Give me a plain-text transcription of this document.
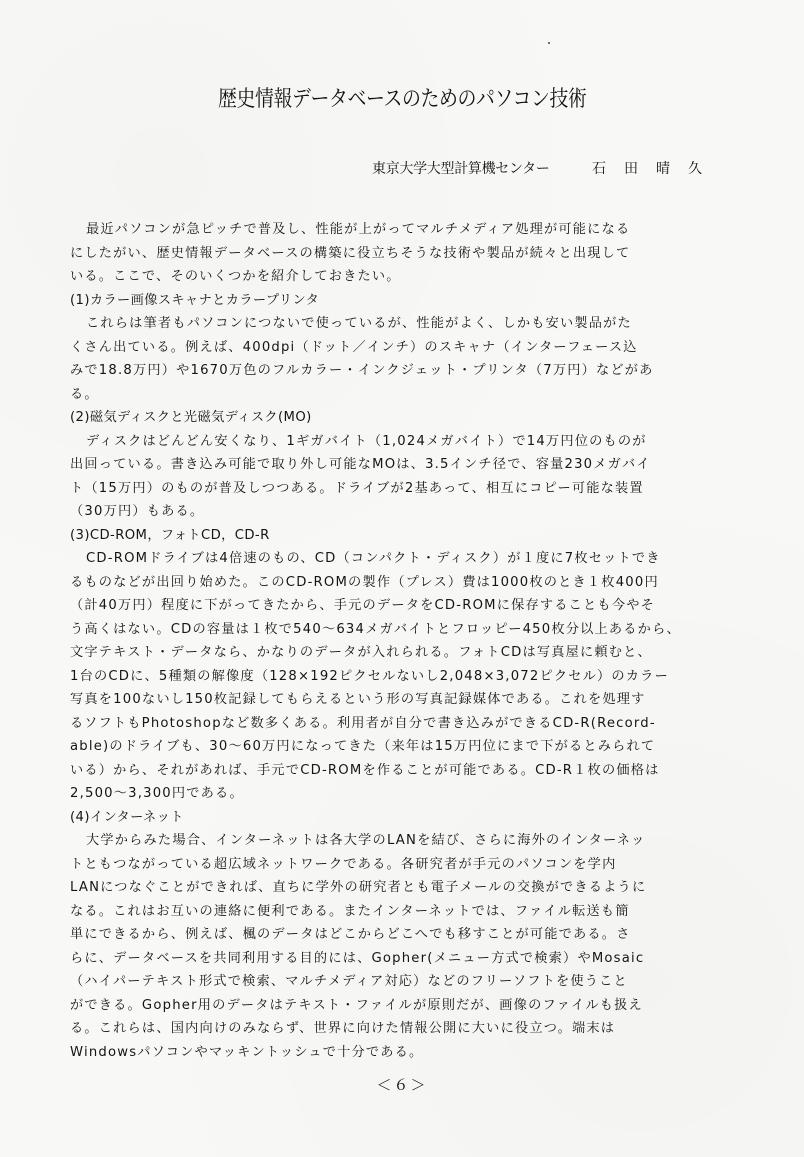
歴史情報データベースのためのパソコン技術
東京大学大型計算機センター	石田晴久
最近パソコンが急ピッチで普及し、性能が上がってマルチメディア処理が可能になる
にしたがい、歴史情報データベースの構築に役立ちそうな技術や製品が続々と出現して
いる。ここで、そのいくつかを紹介しておきたい。
(1)カラー画像スキャナとカラープリンタ
これらは筆者もパソコンにつないで使っているが、性能がよく、しかも安い製品がた
くさん出ている。例えば、400dpi（ドット／インチ）のスキャナ（インターフェース込
みで18.8万円）や1670万色のフルカラー・インクジェット・プリンタ（7万円）などがあ
る。
(2)磁気ディスクと光磁気ディスク(MO)
ディスクはどんどん安くなり、1ギガバイト（1,024メガバイト）で14万円位のものが
出回っている。書き込み可能で取り外し可能なMOは、3.5インチ径で、容量230メガバイ
ト（15万円）のものが普及しつつある。ドライブが2基あって、相互にコピー可能な装置
（30万円）もある。
(3)CD-ROM，フォトCD，CD-R
CD-ROMドライブは4倍速のもの、CD（コンパクト・ディスク）が１度に7枚セットでき
るものなどが出回り始めた。このCD-ROMの製作（プレス）費は1000枚のとき１枚400円
（計40万円）程度に下がってきたから、手元のデータをCD-ROMに保存することも今やそ
う高くはない。CDの容量は１枚で540～634メガバイトとフロッピー450枚分以上あるから、
文字テキスト・データなら、かなりのデータが入れられる。フォトCDは写真屋に頼むと、
1台のCDに、5種類の解像度（128×192ピクセルないし2,048×3,072ピクセル）のカラー
写真を100ないし150枚記録してもらえるという形の写真記録媒体である。これを処理す
るソフトもPhotoshopなど数多くある。利用者が自分で書き込みができるCD-R(Record-
able)のドライブも、30～60万円になってきた（来年は15万円位にまで下がるとみられて
いる）から、それがあれば、手元でCD-ROMを作ることが可能である。CD-R１枚の価格は
2,500～3,300円である。
(4)インターネット
大学からみた場合、インターネットは各大学のLANを結び、さらに海外のインターネッ
トともつながっている超広域ネットワークである。各研究者が手元のパソコンを学内
LANにつなぐことができれば、直ちに学外の研究者とも電子メールの交換ができるように
なる。これはお互いの連絡に便利である。またインターネットでは、ファイル転送も簡
単にできるから、例えば、楓のデータはどこからどこへでも移すことが可能である。さ
らに、データベースを共同利用する目的には、Gopher(メニュー方式で検索）やMosaic
（ハイパーテキスト形式で検索、マルチメディア対応）などのフリーソフトを使うこと
ができる。Gopher用のデータはテキスト・ファイルが原則だが、画像のファイルも扱え
る。これらは、国内向けのみならず、世界に向けた情報公開に大いに役立つ。端末は
Windowsパソコンやマッキントッシュで十分である。
＜６＞
